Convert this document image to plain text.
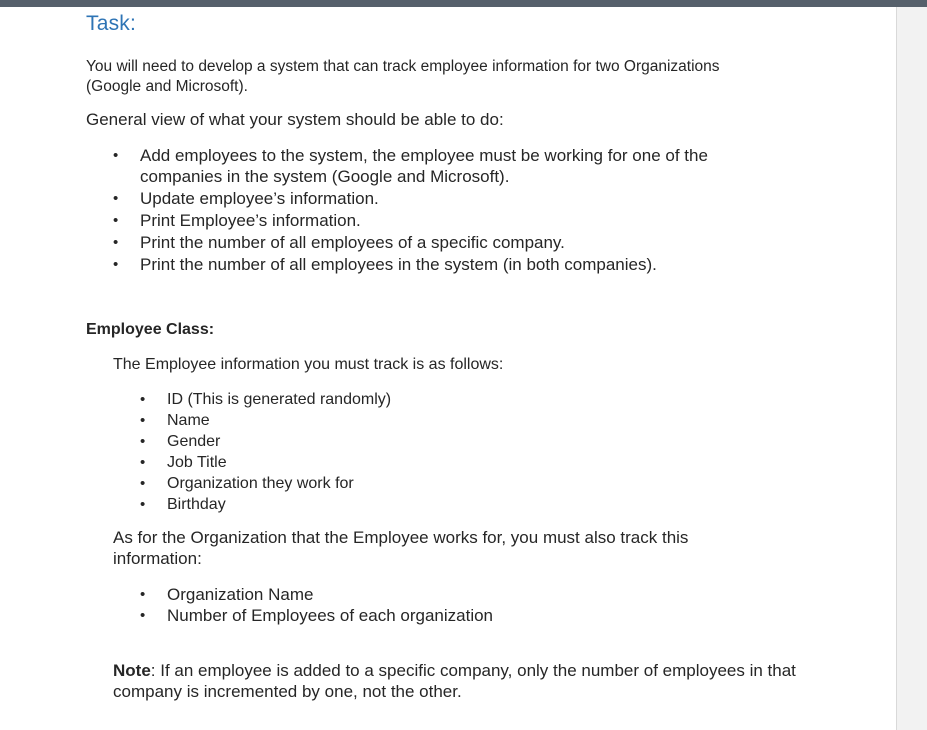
Task:

You will need to develop a system that can track employee information for two Organizations (Google and Microsoft).

General view of what your system should be able to do:

• Add employees to the system, the employee must be working for one of the companies in the system (Google and Microsoft).
• Update employee’s information.
• Print Employee’s information.
• Print the number of all employees of a specific company.
• Print the number of all employees in the system (in both companies).
Employee Class:

The Employee information you must track is as follows:

• ID (This is generated randomly)
• Name
• Gender
• Job Title
• Organization they work for
• Birthday

As for the Organization that the Employee works for, you must also track this information:

• Organization Name
• Number of Employees of each organization

Note: If an employee is added to a specific company, only the number of employees in that company is incremented by one, not the other.
